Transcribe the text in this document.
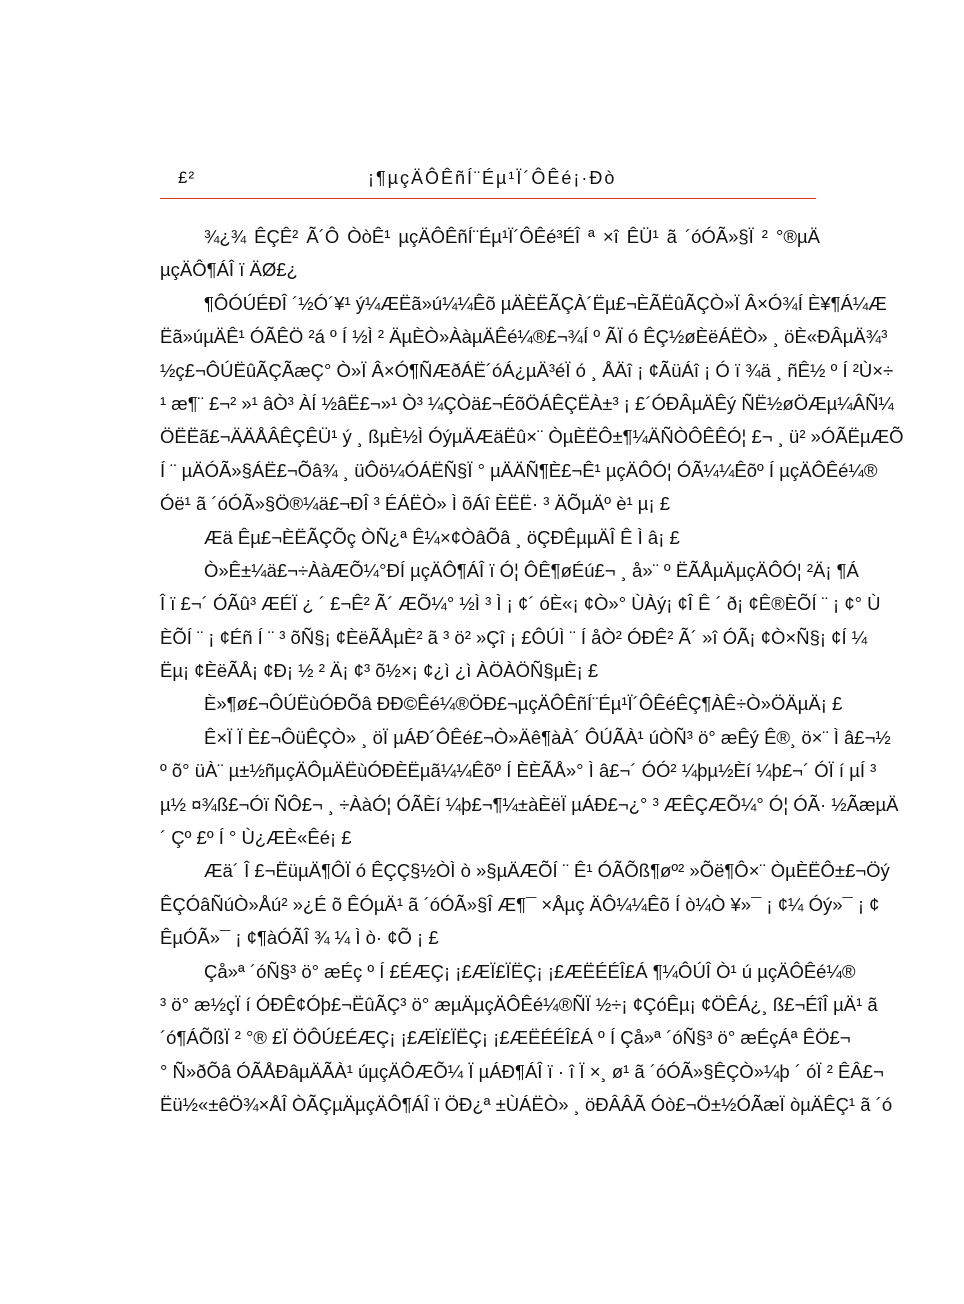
£²	¡¶µçÄÔÊñÍ¨Éµ¹Ï´ÔÊé¡·Ðò
¾¿¾ ÊÇÊ² Ã´Ô ÒòÊ¹ µçÄÔÊñÍ¨Éµ¹Ï´ÔÊé³ÉÎ ª ×î ÊÜ¹ ã ´óÓÃ»§Ï ² °®µÄ
µçÄÔ¶ÁÎ ï ÄØ£¿
¶ÔÓÚÉÐÎ ´½Ó´¥¹ ý¼ÆËã»ú¼¼Êõ µÄÈËÃÇÀ´Ëµ£¬ÈÃËûÃÇÒ»Ï Â×Ó¾Í È¥¶Á¼Æ
Ëã»úµÄÊ¹ ÓÃÊÖ ²á º Í ½Ì ² ÄµÈÒ»ÀàµÄÊé¼®£¬¾Í º ÃÏ ó ÊÇ½øÈëÁËÒ» ¸ öÈ«ÐÂµÄ¾³
½ç£¬ÔÚËûÃÇÃæÇ° Ò»Ï Â×Ó¶ÑÆðÁË´óÁ¿µÄ³éÏ ó ¸ ÅÄî ¡ ¢ÃüÁî ¡ Ó ï ¾ä ¸ ñÊ½ º Í ²Ù×÷
¹ æ¶¨ £¬² »¹ âÒ³ ÀÍ ½âË£¬»¹ Ò³ ¼ÇÒä£¬ÉõÖÁÊÇËÀ±³ ¡ £´ÓÐÂµÄÊý ÑЁ½øÖÆµ¼ÂÑ¼
ÖËËã£¬ÄÄÅÂÊÇÊÜ¹ ý ¸ ßµÈ½Ì ÓýµÄÆäËû×¨ ÒµÈËÔ±¶¼ÄÑÒÔÊÊÓ¦ £¬ ¸ ü² »ÓÃËµÆÕ
Í ¨ µÄÓÃ»§ÁË£¬Õâ¾ ¸ üÔö¼ÓÁËÑ§Ï ° µÄÄÑ¶È£¬Ê¹ µçÄÔÓ¦ ÓÃ¼¼Êõº Í µçÄÔÊé¼®
Óë¹ ã ´óÓÃ»§Ö®¼ä£¬ÐÎ ³ ÉÁËÒ» Ì õÁî ÈËË· ³ ÄÕµÄº è¹ µ¡ £
Æä Êµ£¬ÈËÃÇÕç ÒÑ¿ª Ê¼×¢ÒâÕâ ¸ öÇÐÊµµÄÎ Ê Ì â¡ £
Ò»Ê±¼ä£¬÷ÀàÆÕ¼°ÐÍ µçÄÔ¶ÁÎ ï Ó¦ ÔÊ¶øÉú£¬ ¸ å»¨ º ËÃÅµÄµçÄÔÓ¦ ²Ä¡ ¶Á
Î ï £¬´ ÓÃû³ ÆÉÏ ¿ ´ £¬Ê² Ã´ ÆÕ¼° ½Ì ³ Ì ¡ ¢´ óÈ«¡ ¢Ò»° ÙÀý¡ ¢Î Ê ´ ð¡ ¢Ê®ÈÕÍ ¨ ¡ ¢° Ù
ÈÕÍ ¨ ¡ ¢Éñ Í ¨ ³ õÑ§¡ ¢ÈëÃÅµÈ² ã ³ ö² »Çî ¡ £ÔÚÌ ¨ Í åÒ² ÓÐÊ² Ã´ »î ÓÃ¡ ¢Ò×Ñ§¡ ¢Í ¼
Ëµ¡ ¢ÈëÃÅ¡ ¢Ð¡ ½ ² Ä¡ ¢³ õ½×¡ ¢¿ì ¿ì ÀÖÀÖÑ§µÈ¡ £
È»¶ø£¬ÔÚËùÓÐÕâ ÐÐ©Êé¼®ÖÐ£¬µçÄÔÊñÍ¨Éµ¹Ï´ÔÊéÊÇ¶ÀÊ÷Ò»ÖÄµÄ¡ £
Ê×Ï Ï È£¬ÔüÊÇÒ» ¸ öÏ µÁÐ´ÔÊé£¬Ò»Äê¶àÀ´ ÔÚÃÀ¹ úÒÑ³ ö° æÊý Ê®¸ ö×¨ Ì â£¬½
º õ° üÀ¨ µ±½ñµçÄÔµÄËùÓÐÈËµã¼¼Êõº Í ÈÈÃÅ»° Ì â£¬´ ÓÓ² ¼þµ½Èí ¼þ£¬´ ÓÏ í µÍ ³
µ½ ¤¾ß£¬Óï ÑÔ£¬ ¸ ÷ÀàÓ¦ ÓÃÈí ¼þ£¬¶¼±àÈëÏ µÁÐ£¬¿° ³ ÆÊÇÆÕ¼° Ó¦ ÓÃ· ½ÃæµÄ
´ Çº £º Í ° Ù¿ÆÈ«Êé¡ £
Æä´ Î £¬ËüµÄ¶ÔÏ ó ÊÇÇ§½ÒÌ ò »§µÄÆÕÍ ¨ Ê¹ ÓÃÕß¶øº² »Õë¶Ô×¨ ÒµÈËÔ±£¬Öý
ÊÇÓâÑúÒ»Åú² »¿É õ ÊÓµÄ¹ ã ´óÓÃ»§Î Æ¶¯ ×Åµç ÄÔ¼¼Êõ Í ò¼Ò ¥»¯ ¡ ¢¼ Óý»¯ ¡ ¢
ÊµÓÃ»¯ ¡ ¢¶àÓÃÎ ¾ ¼ Ì ò· ¢Õ ¡ £
Çå»ª ´óÑ§³ ö° æÉç º Í £ÉÆÇ¡ ¡£ÆÏ£ÏËÇ¡ ¡£ÆËÉÉÎ£Á ¶¼ÔÚÎ Ò¹ ú µçÄÔÊé¼®
³ ö° æ½çÏ í ÓÐÊ¢Óþ£¬ËûÃÇ³ ö° æµÄµçÄÔÊé¼®ÑÏ ½÷¡ ¢ÇóÊµ¡ ¢ÖÊÁ¿¸ ß£¬ÉîÎ µÄ¹ ã
´ó¶ÁÕßÏ ² °® £Ï ÖÔÚ£ÉÆÇ¡ ¡£ÆÏ£ÏËÇ¡ ¡£ÆËÉÉÎ£Á º Í Çå»ª ´óÑ§³ ö° æÉçÁª ÊÖ£¬
° Ñ»ðÕâ ÓÃÅÐâµÄÃÀ¹ úµçÄÔÆÕ¼ Ï µÁÐ¶ÁÎ ï · î Ï ×¸ ø¹ ã ´óÓÃ»§ÊÇÒ»¼þ ´ óÏ ² ÊÂ£¬
Ëü½«±êÖ¾×ÅÎ ÒÃÇµÄµçÄÔ¶ÁÎ ï ÖÐ¿ª ±ÙÁËÒ» ¸ öÐÂÂÃ Óò£¬Ö±½ÓÃæÏ òµÄÊÇ¹ ã ´ó
